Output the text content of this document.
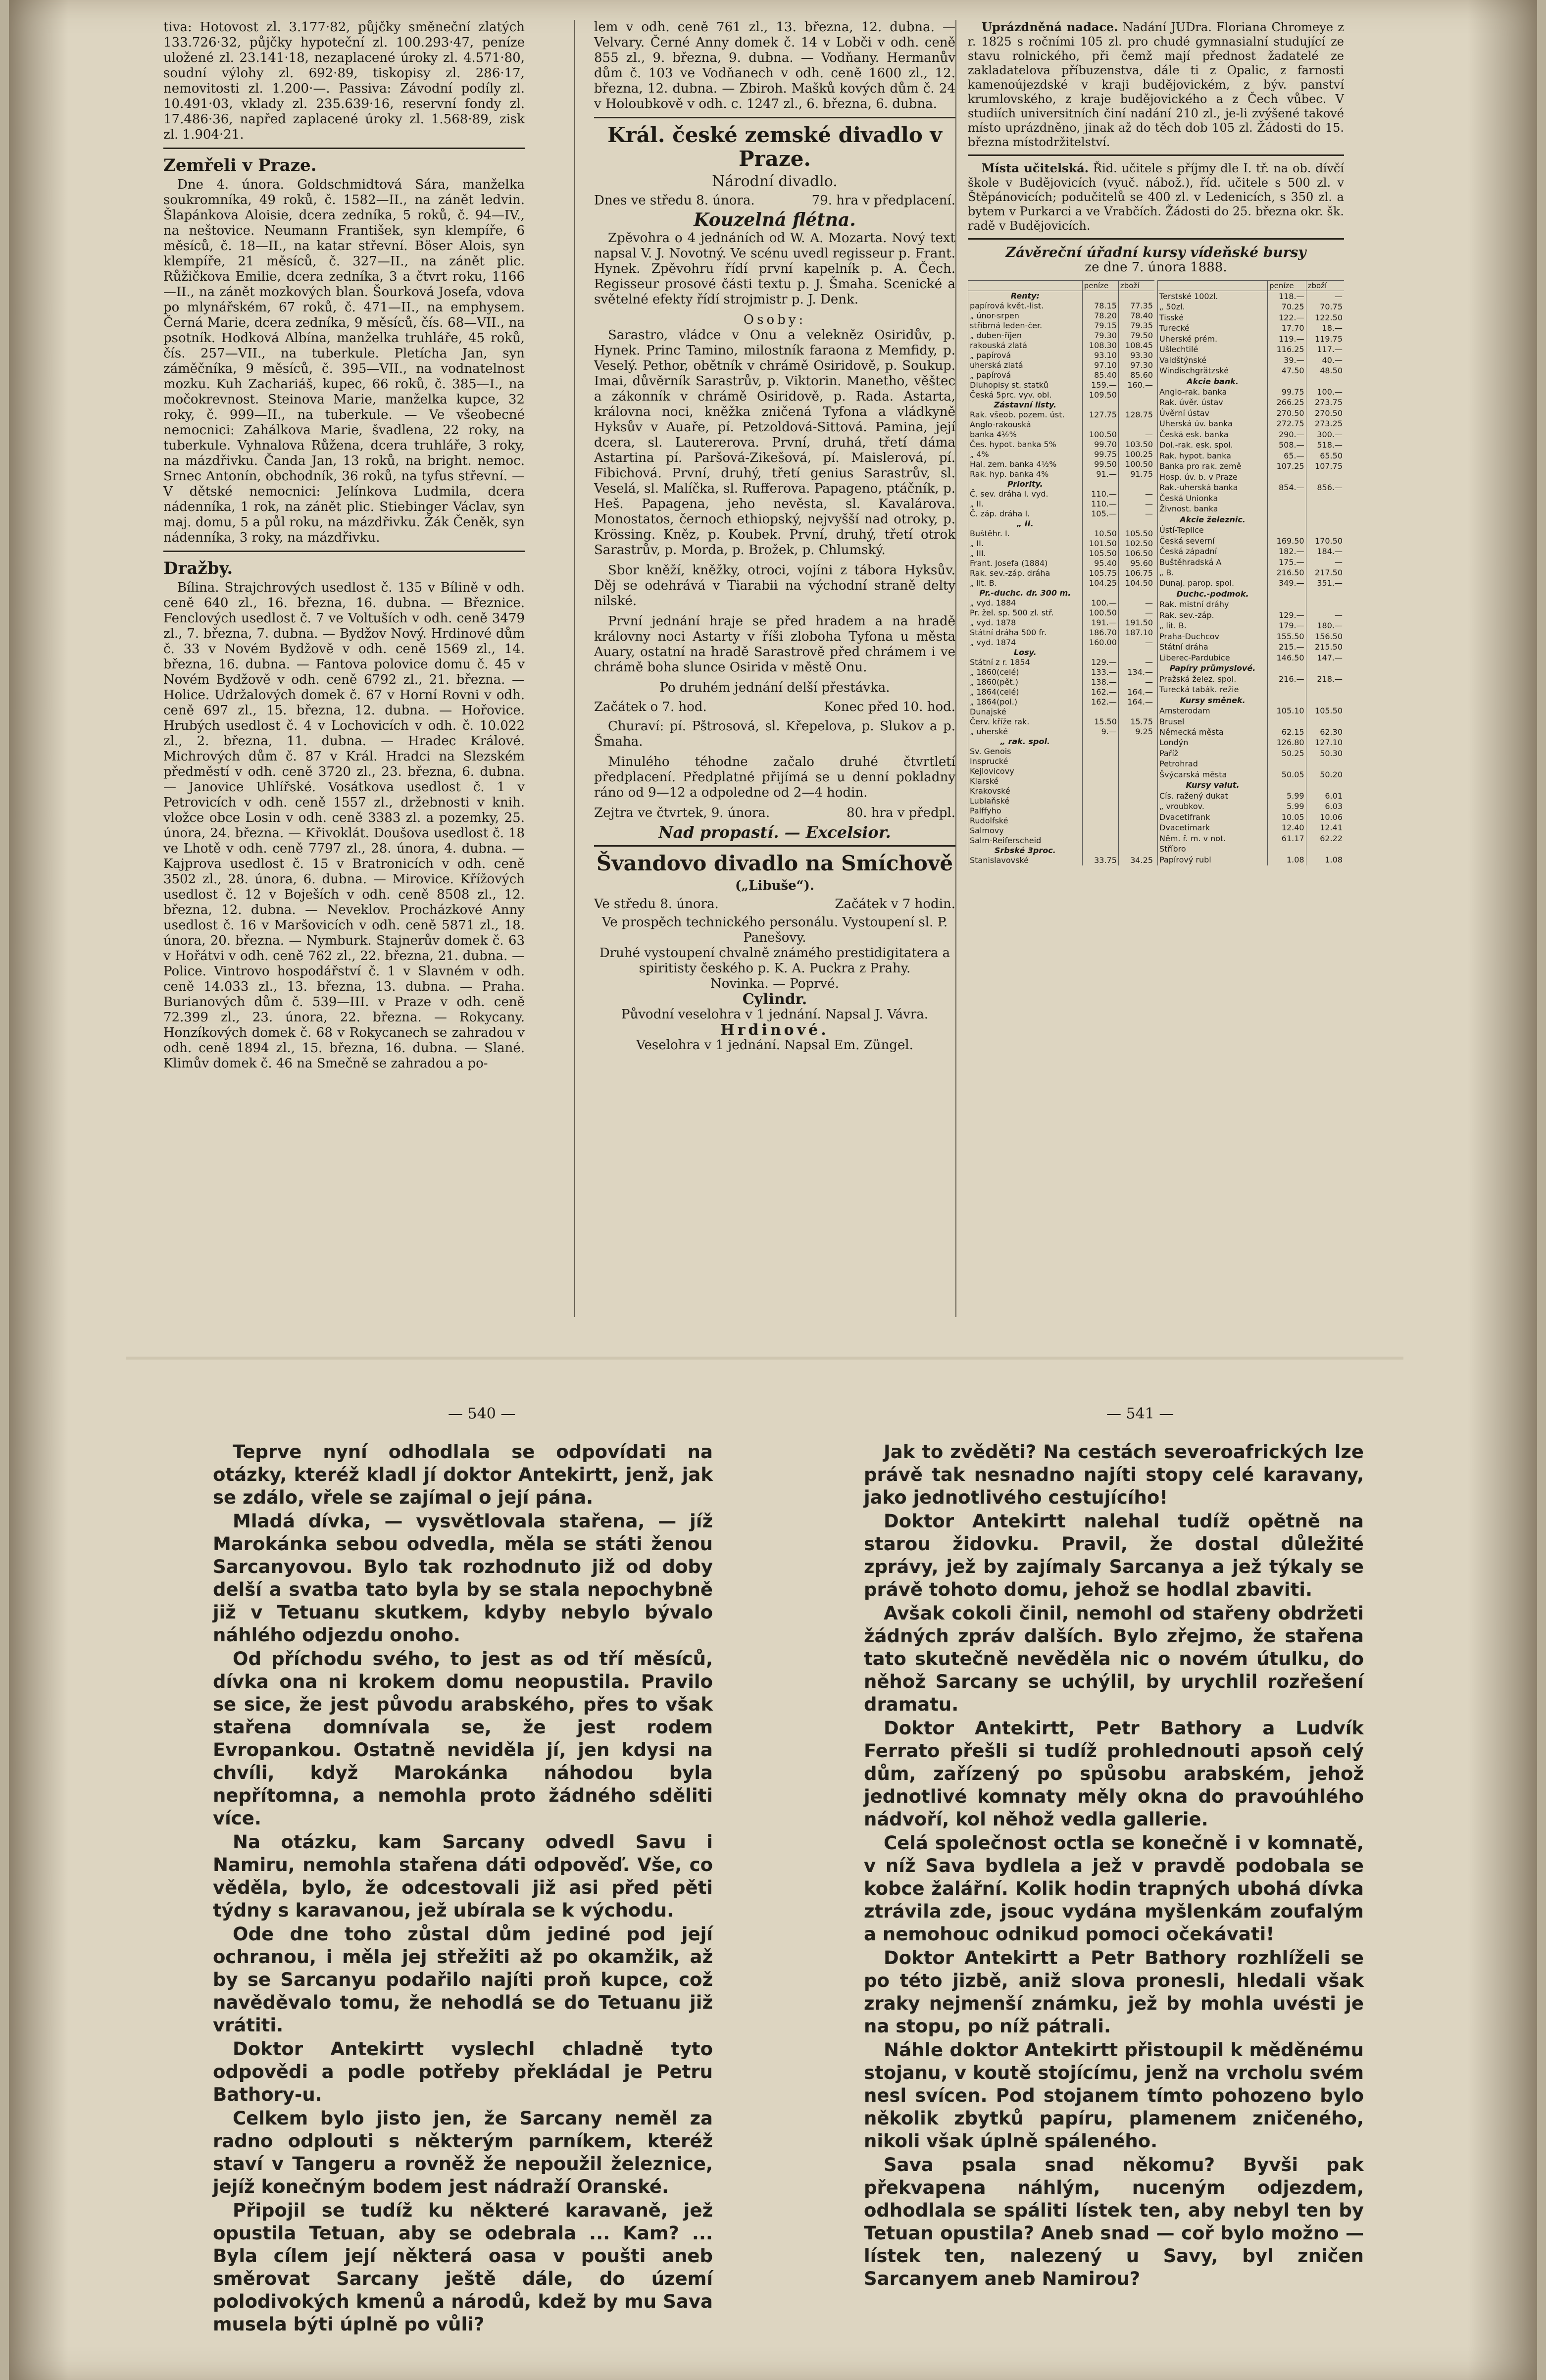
tiva: Hotovost zl. 3.177·82, půjčky směneční zlatých 133.726·32, půjčky hypoteční zl. 100.293·47, peníze uložené zl. 23.141·18, nezaplacené úroky zl. 4.571·80, soudní výlohy zl. 692·89, tiskopisy zl. 286·17, nemovitosti zl. 1.200·—. Passiva: Závodní podíly zl. 10.491·03, vklady zl. 235.639·16, reservní fondy zl. 17.486·36, napřed zaplacené úroky zl. 1.568·89, zisk zl. 1.904·21.

Zemřeli v Praze.

Dne 4. února. Goldschmidtová Sára, manželka soukromníka, 49 roků, č. 1582—II., na zánět ledvin. Šlapánkova Aloisie, dcera zedníka, 5 roků, č. 94—IV., na neštovice. Neumann František, syn klempíře, 6 měsíců, č. 18—II., na katar střevní. Böser Alois, syn klempíře, 21 měsíců, č. 327—II., na zánět plic. Růžičkova Emilie, dcera zedníka, 3 a čtvrt roku, 1166—II., na zánět mozkových blan. Šourková Josefa, vdova po mlynářském, 67 roků, č. 471—II., na emphysem. Černá Marie, dcera zedníka, 9 měsíců, čís. 68—VII., na psotník. Hodková Albína, manželka truhláře, 45 roků, čís. 257—VII., na tuberkule. Pletícha Jan, syn záměčníka, 9 měsíců, č. 395—VII., na vodnatelnost mozku. Kuh Zachariáš, kupec, 66 roků, č. 385—I., na močokrevnost. Steinova Marie, manželka kupce, 32 roky, č. 999—II., na tuberkule. — Ve všeobecné nemocnici: Zahálkova Marie, švadlena, 22 roky, na tuberkule. Vyhnalova Růžena, dcera truhláře, 3 roky, na mázdřivku. Čanda Jan, 13 roků, na bright. nemoc. Srnec Antonín, obchodník, 36 roků, na tyfus střevní. — V dětské nemocnici: Jelínkova Ludmila, dcera nádenníka, 1 rok, na zánět plic. Stiebinger Václav, syn maj. domu, 5 a půl roku, na mázdřivku. Žák Čeněk, syn nádenníka, 3 roky, na mázdřivku.

Dražby.

Bílina. Strajchrových usedlost č. 135 v Bílině v odh. ceně 640 zl., 16. března, 16. dubna. — Březnice. Fenclových usedlost č. 7 ve Voltuších v odh. ceně 3479 zl., 7. března, 7. dubna. — Bydžov Nový. Hrdinové dům č. 33 v Novém Bydžově v odh. ceně 1569 zl., 14. března, 16. dubna. — Fantova polovice domu č. 45 v Novém Bydžově v odh. ceně 6792 zl., 21. března. — Holice. Udržalových domek č. 67 v Horní Rovni v odh. ceně 697 zl., 15. března, 12. dubna. — Hořovice. Hrubých usedlost č. 4 v Lochovicích v odh. č. 10.022 zl., 2. března, 11. dubna. — Hradec Králové. Michrových dům č. 87 v Král. Hradci na Slezském předměstí v odh. ceně 3720 zl., 23. března, 6. dubna. — Janovice Uhlířské. Vosátkova usedlost č. 1 v Petrovicích v odh. ceně 1557 zl., držebnosti v knih. vložce obce Losin v odh. ceně 3383 zl. a pozemky, 25. února, 24. března. — Křivoklát. Doušova usedlost č. 18 ve Lhotě v odh. ceně 7797 zl., 28. února, 4. dubna. — Kajprova usedlost č. 15 v Bratronicích v odh. ceně 3502 zl., 28. února, 6. dubna. — Mirovice. Křížových usedlost č. 12 v Boješích v odh. ceně 8508 zl., 12. března, 12. dubna. — Neveklov. Procházkové Anny usedlost č. 16 v Maršovicích v odh. ceně 5871 zl., 18. února, 20. března. — Nymburk. Stajnerův domek č. 63 v Hořátvi v odh. ceně 762 zl., 22. března, 21. dubna. — Police. Vintrovo hospodářství č. 1 v Slavném v odh. ceně 14.033 zl., 13. března, 13. dubna. — Praha. Burianových dům č. 539—III. v Praze v odh. ceně 72.399 zl., 23. února, 22. března. — Rokycany. Honzíkových domek č. 68 v Rokycanech se zahradou v odh. ceně 1894 zl., 15. března, 16. dubna. — Slané. Klimův domek č. 46 na Smečně se zahradou a po-

lem v odh. ceně 761 zl., 13. března, 12. dubna. — Velvary. Černé Anny domek č. 14 v Lobči v odh. ceně 855 zl., 9. března, 9. dubna. — Vodňany. Hermanův dům č. 103 ve Vodňanech v odh. ceně 1600 zl., 12. března, 12. dubna. — Zbiroh. Mašků kových dům č. 24 v Holoubkově v odh. c. 1247 zl., 6. března, 6. dubna.

Král. české zemské divadlo v Praze.
Národní divadlo.
Dnes ve středu 8. února.	79. hra v předplacení.
Kouzelná flétna.

Zpěvohra o 4 jednáních od W. A. Mozarta. Nový text napsal V. J. Novotný. Ve scénu uvedl regisseur p. Frant. Hynek. Zpěvohru řídí první kapelník p. A. Čech. Regisseur prosové části textu p. J. Šmaha. Scenické a světelné efekty řídí strojmistr p. J. Denk.

Osoby:

Sarastro, vládce v Onu a velekněz Osiridův, p. Hynek. Princ Tamino, milostník faraona z Memfidy, p. Veselý. Pethor, obětník v chrámě Osiridově, p. Soukup. Imai, důvěrník Sarastrův, p. Viktorin. Manetho, věštec a zákonník v chrámě Osiridově, p. Rada. Astarta, královna noci, kněžka zničená Tyfona a vládkyně Hyksův v Auaře, pí. Petzoldová-Sittová. Pamina, její dcera, sl. Lautererova. První, druhá, třetí dáma Astartina pí. Paršová-Zikešová, pí. Maislerová, pí. Fibichová. První, druhý, třetí genius Sarastrův, sl. Veselá, sl. Malíčka, sl. Rufferova. Papageno, ptáčník, p. Heš. Papagena, jeho nevěsta, sl. Kavalárova. Monostatos, černoch ethiopský, nejvyšší nad otroky, p. Krössing. Kněz, p. Koubek. První, druhý, třetí otrok Sarastrův, p. Morda, p. Brožek, p. Chlumský.

Sbor kněží, kněžky, otroci, vojíni z tábora Hyksův. Děj se odehrává v Tiarabii na východní straně delty nilské.

První jednání hraje se před hradem a na hradě královny noci Astarty v říši zloboha Tyfona u města Auary, ostatní na hradě Sarastrově před chrámem i ve chrámě boha slunce Osirida v městě Onu.

Po druhém jednání delší přestávka.
Začátek o 7. hod.	Konec před 10. hod.

Churaví: pí. Pštrosová, sl. Křepelova, p. Slukov a p. Šmaha.

Minulého téhodne začalo druhé čtvrtletí předplacení. Předplatné přijímá se u denní pokladny ráno od 9—12 a odpoledne od 2—4 hodin.

Zejtra ve čtvrtek, 9. února.	80. hra v předpl.
Nad propastí. — Excelsior.
Švandovo divadlo na Smíchově
(„Libuše“).
Ve středu 8. února.	Začátek v 7 hodin.
Ve prospěch technického personálu. Vystoupení sl. P. Panešovy.
Druhé vystoupení chvalně známého prestidigitatera a spiritisty českého p. K. A. Puckra z Prahy.
Novinka. — Poprvé.
Cylindr.
Původní veselohra v 1 jednání. Napsal J. Vávra.
Hrdinové.
Veselohra v 1 jednání. Napsal Em. Züngel.

Uprázdněná nadace. Nadání JUDra. Floriana Chromeyе z r. 1825 s ročními 105 zl. pro chudé gymnasialní studující ze stavu rolnického, při čemž mají přednost žadatelé ze zakladatelova příbuzenstva, dále ti z Opalic, z farnosti kamenoújezdské v kraji budějovickém, z býv. panství krumlovského, z kraje budějovického a z Čech vůbec. V studiích universitních činí nadání 210 zl., je-li zvýšené takové místo uprázdněno, jinak až do těch dob 105 zl. Žádosti do 15. března místodržitelství.

Místa učitelská. Řid. učitele s příjmy dle I. tř. na ob. dívčí škole v Budějovicích (vyuč. nábož.), říd. učitele s 500 zl. v Štěpánovicích; podučitelů se 400 zl. v Ledenicích, s 350 zl. a bytem v Purkarci a ve Vrabčích. Žádosti do 25. března okr. šk. radě v Budějovicích.

Závěreční úřadní kursy vídeňské bursy
ze dne 7. února 1888.
	peníze	zboží
Renty:		
papírová květ.-list.	78.15	77.35
„ únor-srpen	78.20	78.40
stříbrná leden-čer.	79.15	79.35
„ duben-říjen	79.30	79.50
rakouská zlatá	108.30	108.45
„ papírová	93.10	93.30
uherská zlatá	97.10	97.30
„ papírová	85.40	85.60
Dluhopisy st. statků	159.—	160.—
Česká 5prc. vyv. obl.	109.50	
Zástavní listy.		
Rak. všeob. pozem. úst.	127.75	128.75
Anglo-rakouská		
banka 4½%	100.50	—
Čes. hypot. banka 5%	99.70	103.50
„ 4%	99.75	100.25
Hal. zem. banka 4½%	99.50	100.50
Rak. hyp. banka 4%	91.—	91.75
Priority.		
Č. sev. dráha I. vyd.	110.—	—
„ II.	110.—	—
Č. záp. dráha I.	105.—	—
„ II.		
Buštěhr. I.	10.50	105.50
„ II.	101.50	102.50
„ III.	105.50	106.50
Frant. Josefa (1884)	95.40	95.60
Rak. sev.-záp. dráha	105.75	106.75
„ lit. B.	104.25	104.50
Pr.-duchc. dr. 300 m.		
„ vyd. 1884	100.—	—
Pr. žel. sp. 500 zl. stř.	100.50	—
„ vyd. 1878	191.—	191.50
Státní dráha 500 fr.	186.70	187.10
„ vyd. 1874	160.00	—
Losy.		
Státní z r. 1854	129.—	—
„ 1860(celé)	133.—	134.—
„ 1860(pět.)	138.—	—
„ 1864(celé)	162.—	164.—
„ 1864(pol.)	162.—	164.—
Dunajské		
Červ. kříže rak.	15.50	15.75
„ uherské	9.—	9.25
„ rak. spol.		
Sv. Genois		
Insprucké		
Kejlovicovy		
Klarské		
Krakovské		
Lublaňské		
Palffyho		
Rudolfské		
Salmovy		
Salm-Reiferscheid		
Srbské 3proc.		
Stanislavovské	33.75	34.25
	peníze	zboží
Terstské 100zl.	118.—	—
„ 50zl.	70.25	70.75
Tisské	122.—	122.50
Turecké	17.70	18.—
Uherské prém.	119.—	119.75
Ušlechtilé	116.25	117.—
Valdštýnské	39.—	40.—
Windischgrätzské	47.50	48.50
Akcie bank.		
Anglo-rak. banka	99.75	100.—
Rak. úvěr. ústav	266.25	273.75
Úvěrní ústav	270.50	270.50
Uherská úv. banka	272.75	273.25
Česká esk. banka	290.—	300.—
Dol.-rak. esk. spol.	508.—	518.—
Rak. hypot. banka	65.—	65.50
Banka pro rak. země	107.25	107.75
Hosp. úv. b. v Praze		
Rak.-uherská banka	854.—	856.—
Česká Unionka		
Živnost. banka		
Akcie železnic.		
Ústí-Teplice		
Česká severní	169.50	170.50
Česká západní	182.—	184.—
Buštěhradská A	175.—	—
„ B.	216.50	217.50
Dunaj. parop. spol.	349.—	351.—
Duchc.-podmok.		
Rak. mistní dráhy		
Rak. sev.-záp.	129.—	—
„ lit. B.	179.—	180.—
Praha-Duchcov	155.50	156.50
Státní dráha	215.—	215.50
Liberec-Pardubice	146.50	147.—
Papíry průmyslové.		
Pražská želez. spol.	216.—	218.—
Turecká tabák. režie		
Kursy směnek.		
Amsterodam	105.10	105.50
Brusel		
Německá města	62.15	62.30
Londýn	126.80	127.10
Paříž	50.25	50.30
Petrohrad		
Švýcarská města	50.05	50.20
Kursy valut.		
Cís. ražený dukat	5.99	6.01
„ vroubkov.	5.99	6.03
Dvacetifrank	10.05	10.06
Dvacetimark	12.40	12.41
Něm. ř. m. v not.	61.17	62.22
Stříbro		
Papírový rubl	1.08	1.08
— 540 —	— 541 —

Teprve nyní odhodlala se odpovídati na otázky, kteréž kladl jí doktor Antekirtt, jenž, jak se zdálo, vřele se zajímal o její pána.

Mladá dívka, — vysvětlovala stařena, — jíž Marokánka sebou odvedla, měla se státi ženou Sarcanyovou. Bylo tak rozhodnuto již od doby delší a svatba tato byla by se stala nepochybně již v Tetuanu skutkem, kdyby nebylo bývalo náhlého odjezdu onoho.

Od příchodu svého, to jest as od tří měsíců, dívka ona ni krokem domu neopustila. Pravilo se sice, že jest původu arabského, přes to však stařena domnívala se, že jest rodem Evropankou. Ostatně neviděla jí, jen kdysi na chvíli, když Marokánka náhodou byla nepřítomna, a nemohla proto žádného sděliti více.

Na otázku, kam Sarcany odvedl Savu i Namiru, nemohla stařena dáti odpověď. Vše, co věděla, bylo, že odcestovali již asi před pěti týdny s karavanou, jež ubírala se k východu.

Ode dne toho zůstal dům jediné pod její ochranou, i měla jej střežiti až po okamžik, až by se Sarcanyu podařilo najíti proň kupce, což navěděvalo tomu, že nehodlá se do Tetuanu již vrátiti.

Doktor Antekirtt vyslechl chladně tyto odpovědi a podle potřeby překládal je Petru Bathory-u.

Celkem bylo jisto jen, že Sarcany neměl za radno odplouti s některým parníkem, kteréž staví v Tangeru a rovněž že nepoužil železnice, jejíž konečným bodem jest nádraží Oranské.

Připojil se tudíž ku některé karavaně, jež opustila Tetuan, aby se odebrala ... Kam? ... Byla cílem její některá oasa v poušti aneb směrovat Sarcany ještě dále, do území polodivokých kmenů a národů, kdež by mu Sava musela býti úplně po vůli?

Jak to zvěděti? Na cestách severoafrických lze právě tak nesnadno najíti stopy celé karavany, jako jednotlivého cestujícího!

Doktor Antekirtt nalehal tudíž opětně na starou židovku. Pravil, že dostal důležité zprávy, jež by zajímaly Sarcanya a jež týkaly se právě tohoto domu, jehož se hodlal zbaviti.

Avšak cokoli činil, nemohl od stařeny obdržeti žádných zpráv dalších. Bylo zřejmo, že stařena tato skutečně nevěděla nic o novém útulku, do něhož Sarcany se uchýlil, by urychlil rozřešení dramatu.

Doktor Antekirtt, Petr Bathory a Ludvík Ferrato přešli si tudíž prohlednouti apsoň celý dům, zařízený po spůsobu arabském, jehož jednotlivé komnaty měly okna do pravoúhlého nádvoří, kol něhož vedla gallerie.

Celá společnost octla se konečně i v komnatě, v níž Sava bydlela a jež v pravdě podobala se kobce žalářní. Kolik hodin trapných ubohá dívka ztrávila zde, jsouc vydána myšlenkám zoufalým a nemohouc odnikud pomoci očekávati!

Doktor Antekirtt a Petr Bathory rozhlíželi se po této jizbě, aniž slova pronesli, hledali však zraky nejmenší známku, jež by mohla uvésti je na stopu, po níž pátrali.

Náhle doktor Antekirtt přistoupil k měděnému stojanu, v koutě stojícímu, jenž na vrcholu svém nesl svícen. Pod stojanem tímto pohozeno bylo několik zbytků papíru, plamenem zničeného, nikoli však úplně spáleného.

Sava psala snad někomu? Byvši pak překvapena náhlým, nuceným odjezdem, odhodlala se spáliti lístek ten, aby nebyl ten by Tetuan opustila? Aneb snad — coř bylo možno — lístek ten, nalezený u Savy, byl zničen Sarcanyem aneb Namirou?
